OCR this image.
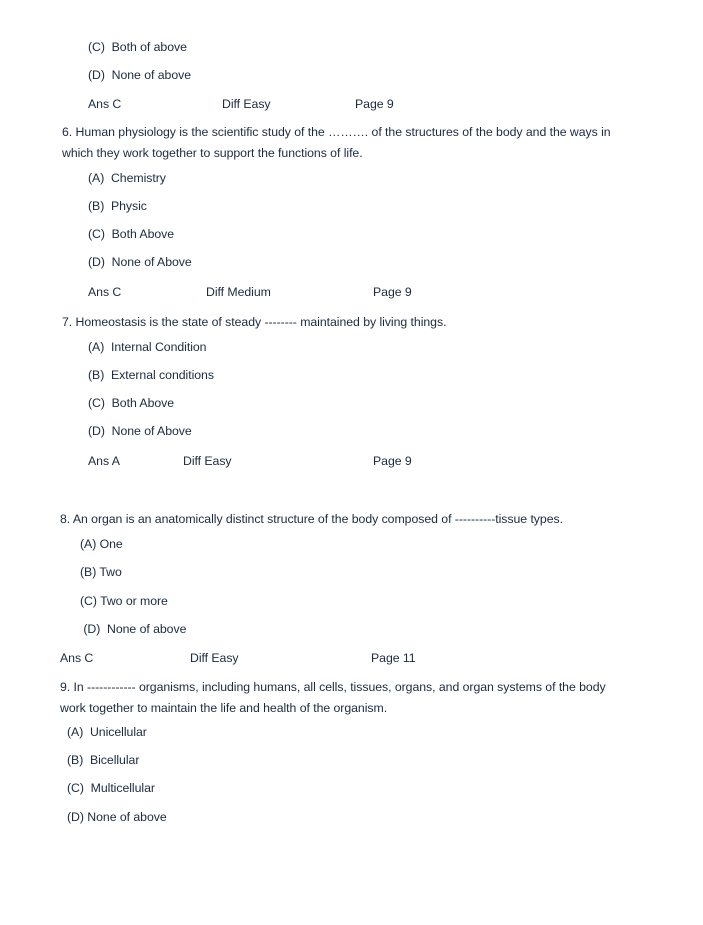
(C)  Both of above
(D)  None of above
Ans C	Diff Easy	Page 9
6. Human physiology is the scientific study of the ………. of the structures of the body and the ways in which they work together to support the functions of life.
(A)  Chemistry
(B)  Physic
(C)  Both Above
(D)  None of Above
Ans C	Diff Medium	Page 9
7. Homeostasis is the state of steady -------- maintained by living things.
(A)  Internal Condition
(B)  External conditions
(C)  Both Above
(D)  None of Above
Ans A	Diff Easy	Page 9
8. An organ is an anatomically distinct structure of the body composed of ----------tissue types.
(A) One
(B) Two
(C) Two or more
(D)  None of above
Ans C	Diff Easy	Page 11
9. In ------------ organisms, including humans, all cells, tissues, organs, and organ systems of the body work together to maintain the life and health of the organism.
(A)  Unicellular
(B)  Bicellular
(C)  Multicellular
(D) None of above
